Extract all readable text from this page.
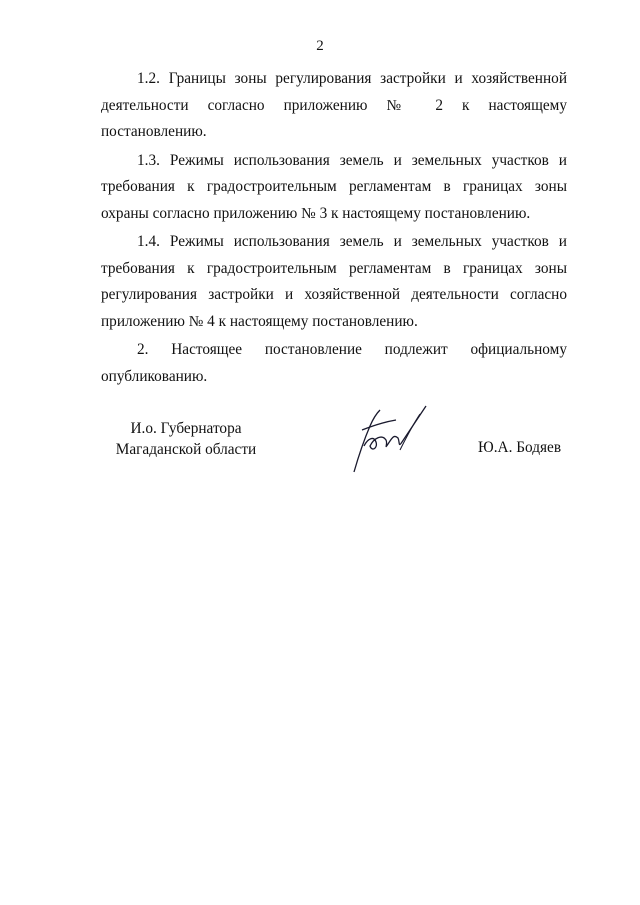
2

1.2. Границы зоны регулирования застройки и хозяйственной деятельности согласно приложению № 2 к настоящему постановлению.

1.3. Режимы использования земель и земельных участков и требования к градостроительным регламентам в границах зоны охраны согласно приложению № 3 к настоящему постановлению.

1.4. Режимы использования земель и земельных участков и требования к градостроительным регламентам в границах зоны регулирования застройки и хозяйственной деятельности согласно приложению № 4 к настоящему постановлению.

2. Настоящее постановление подлежит официальному опубликованию.

И.о. Губернатора
Магаданской области	Ю.А. Бодяев
